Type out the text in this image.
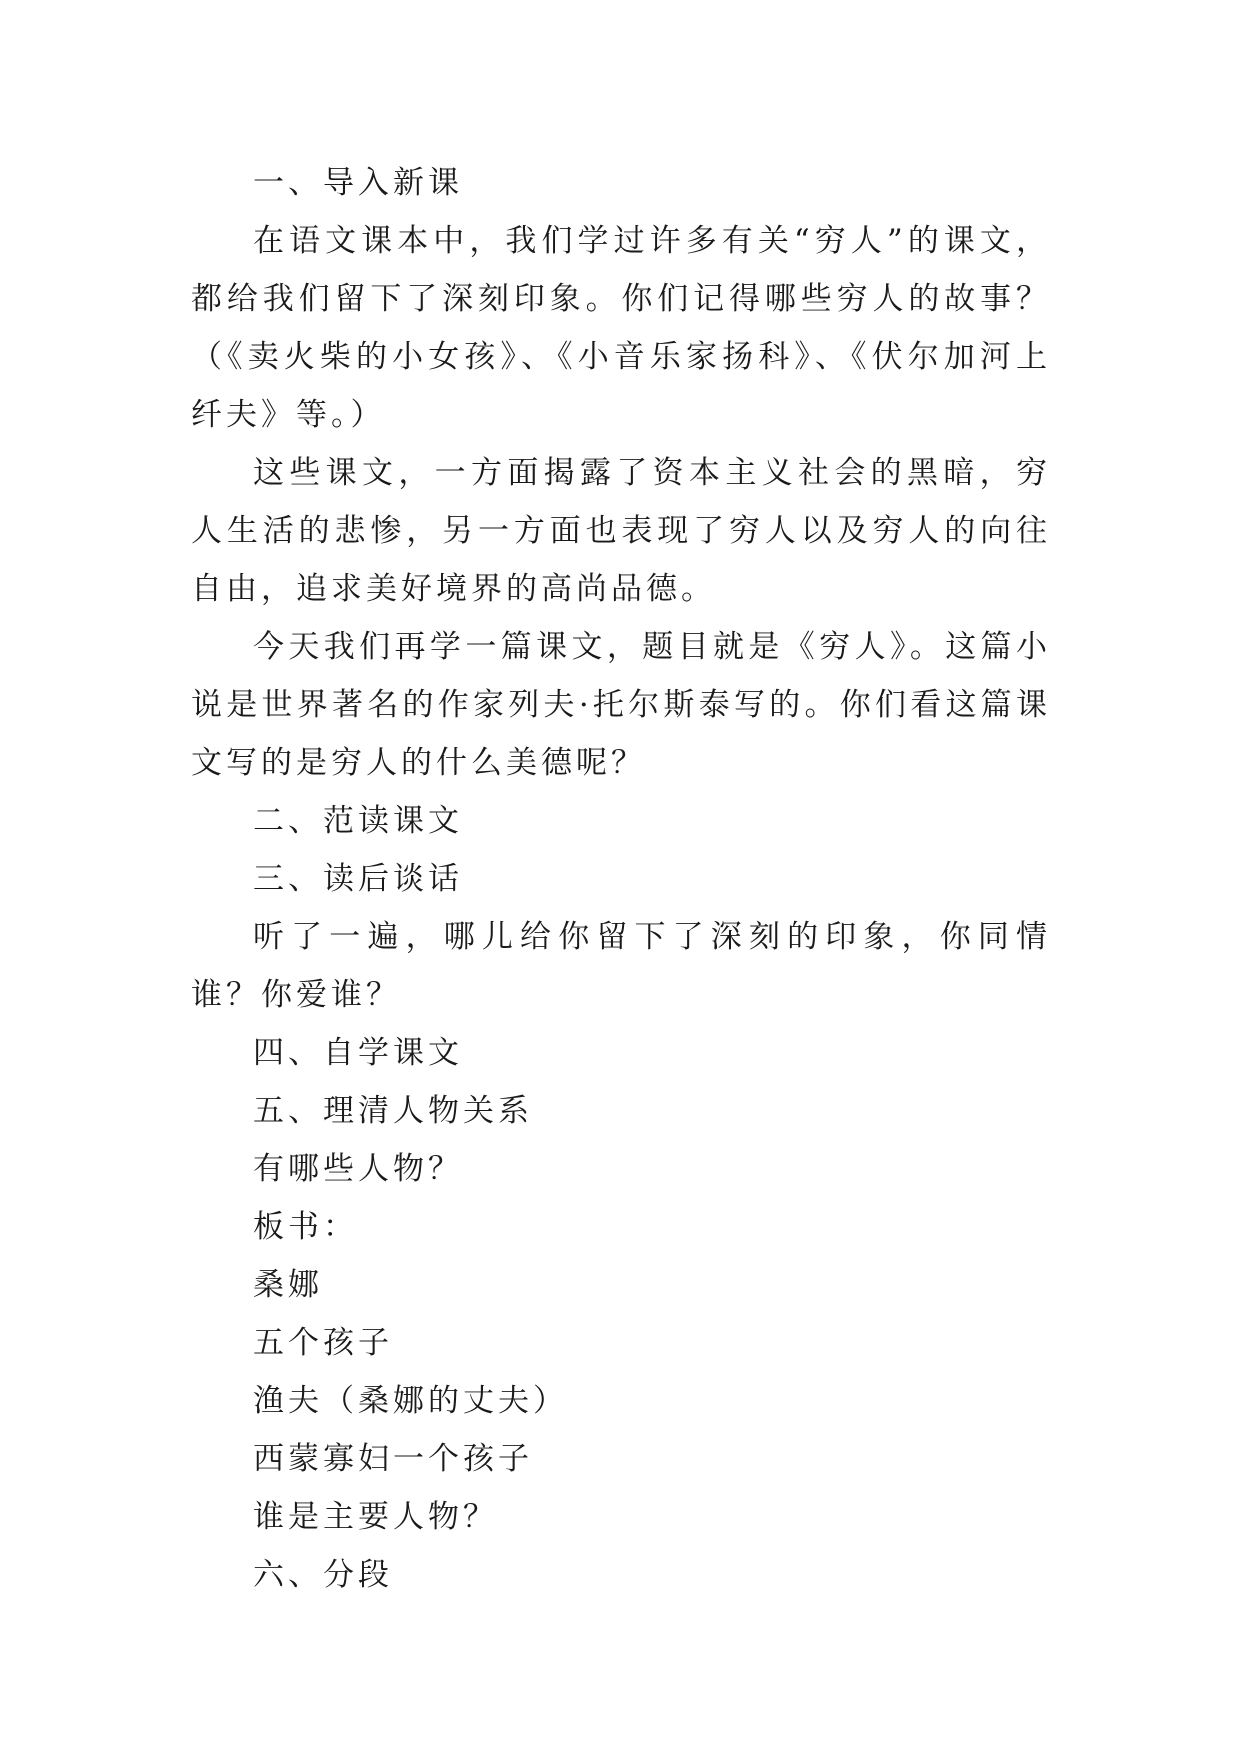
一、导入新课

在语文课本中，我们学过许多有关“穷人”的课文，都给我们留下了深刻印象。你们记得哪些穷人的故事？（《卖火柴的小女孩》、《小音乐家扬科》、《伏尔加河上纤夫》等。）

这些课文，一方面揭露了资本主义社会的黑暗，穷人生活的悲惨，另一方面也表现了穷人以及穷人的向往自由，追求美好境界的高尚品德。

今天我们再学一篇课文，题目就是《穷人》。这篇小说是世界著名的作家列夫·托尔斯泰写的。你们看这篇课文写的是穷人的什么美德呢？

二、范读课文

三、读后谈话

听了一遍，哪儿给你留下了深刻的印象，你同情谁？你爱谁？

四、自学课文

五、理清人物关系

有哪些人物？

板书：

桑娜

五个孩子

渔夫（桑娜的丈夫）

西蒙寡妇一个孩子

谁是主要人物？

六、分段
